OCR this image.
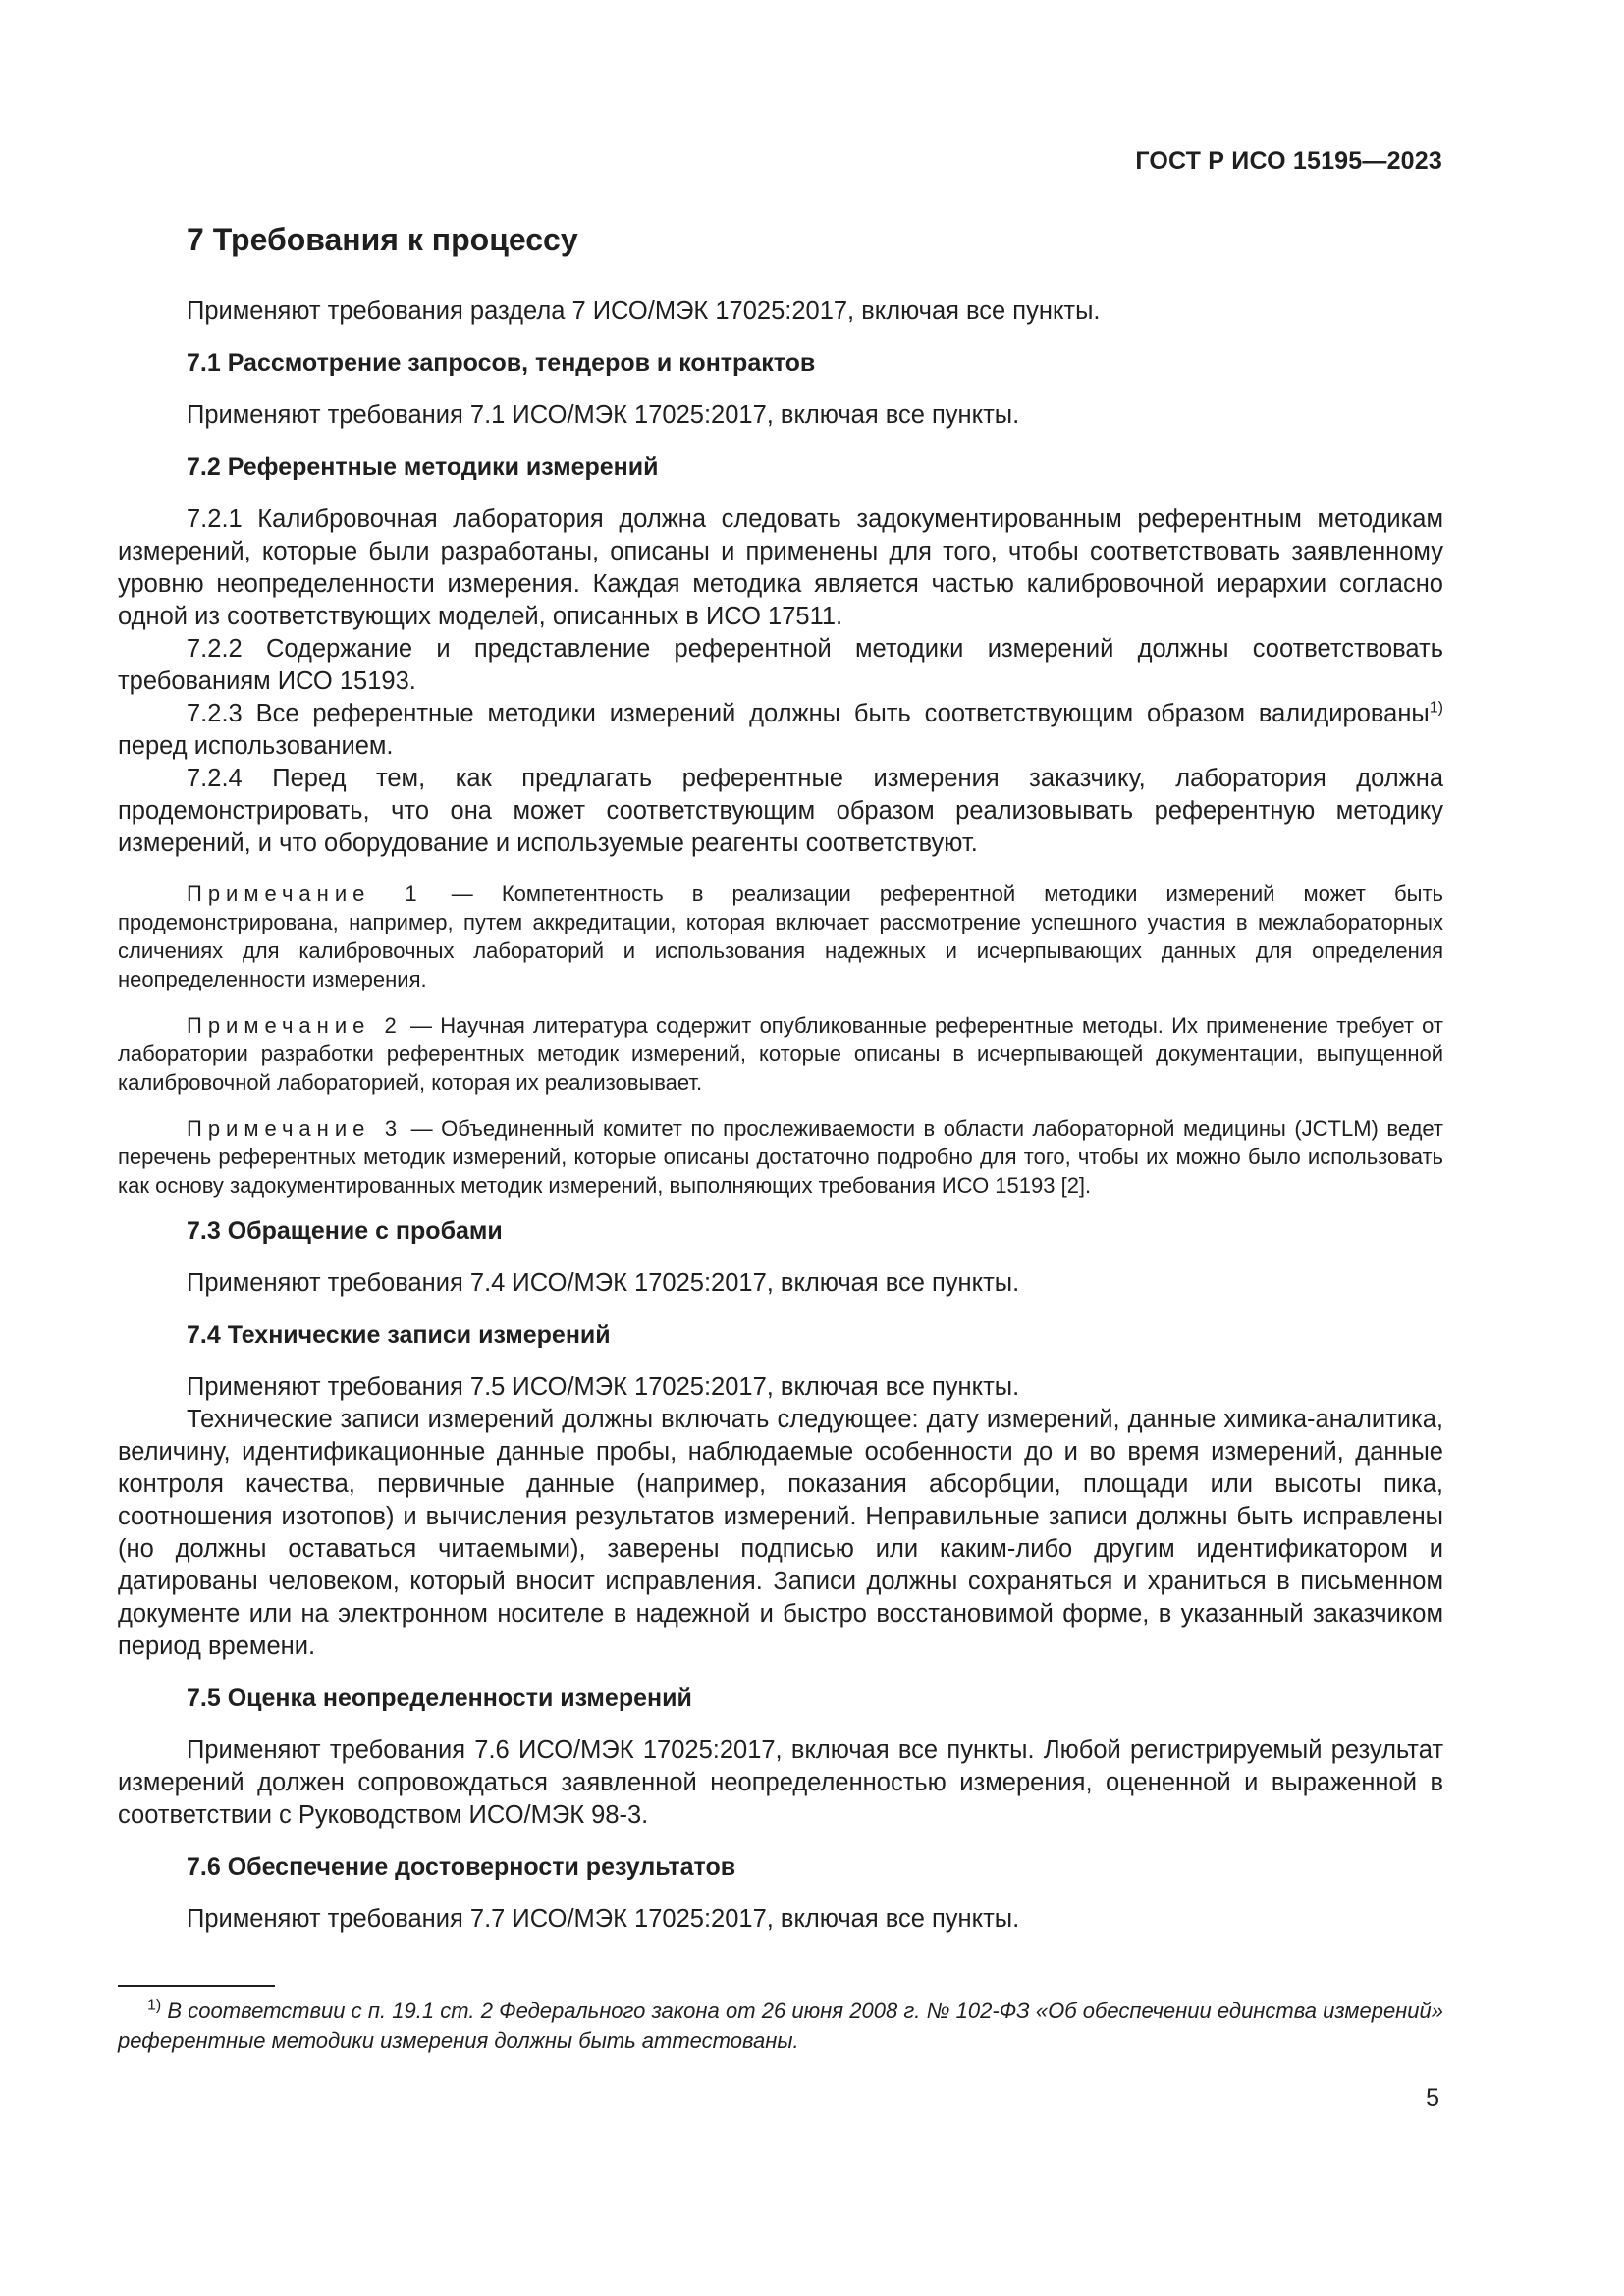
ГОСТ Р ИСО 15195—2023
7 Требования к процессу

Применяют требования раздела 7 ИСО/МЭК 17025:2017, включая все пункты.

7.1 Рассмотрение запросов, тендеров и контрактов

Применяют требования 7.1 ИСО/МЭК 17025:2017, включая все пункты.

7.2 Референтные методики измерений

7.2.1 Калибровочная лаборатория должна следовать задокументированным референтным методикам измерений, которые были разработаны, описаны и применены для того, чтобы соответствовать заявленному уровню неопределенности измерения. Каждая методика является частью калибровочной иерархии согласно одной из соответствующих моделей, описанных в ИСО 17511.

7.2.2 Содержание и представление референтной методики измерений должны соответствовать требованиям ИСО 15193.

7.2.3 Все референтные методики измерений должны быть соответствующим образом валидированы$^{1)}$ перед использованием.

7.2.4 Перед тем, как предлагать референтные измерения заказчику, лаборатория должна продемонстрировать, что она может соответствующим образом реализовывать референтную методику измерений, и что оборудование и используемые реагенты соответствуют.

Примечание 1 — Компетентность в реализации референтной методики измерений может быть продемонстрирована, например, путем аккредитации, которая включает рассмотрение успешного участия в межлабораторных сличениях для калибровочных лабораторий и использования надежных и исчерпывающих данных для определения неопределенности измерения.
Примечание 2 — Научная литература содержит опубликованные референтные методы. Их применение требует от лаборатории разработки референтных методик измерений, которые описаны в исчерпывающей документации, выпущенной калибровочной лабораторией, которая их реализовывает.
Примечание 3 — Объединенный комитет по прослеживаемости в области лабораторной медицины (JCTLM) ведет перечень референтных методик измерений, которые описаны достаточно подробно для того, чтобы их можно было использовать как основу задокументированных методик измерений, выполняющих требования ИСО 15193 [2].
7.3 Обращение с пробами

Применяют требования 7.4 ИСО/МЭК 17025:2017, включая все пункты.

7.4 Технические записи измерений

Применяют требования 7.5 ИСО/МЭК 17025:2017, включая все пункты.

Технические записи измерений должны включать следующее: дату измерений, данные химика-аналитика, величину, идентификационные данные пробы, наблюдаемые особенности до и во время измерений, данные контроля качества, первичные данные (например, показания абсорбции, площади или высоты пика, соотношения изотопов) и вычисления результатов измерений. Неправильные записи должны быть исправлены (но должны оставаться читаемыми), заверены подписью или каким-либо другим идентификатором и датированы человеком, который вносит исправления. Записи должны сохраняться и храниться в письменном документе или на электронном носителе в надежной и быстро восстановимой форме, в указанный заказчиком период времени.

7.5 Оценка неопределенности измерений

Применяют требования 7.6 ИСО/МЭК 17025:2017, включая все пункты. Любой регистрируемый результат измерений должен сопровождаться заявленной неопределенностью измерения, оцененной и выраженной в соответствии с Руководством ИСО/МЭК 98-3.

7.6 Обеспечение достоверности результатов

Применяют требования 7.7 ИСО/МЭК 17025:2017, включая все пункты.

$^{1)}$ В соответствии с п. 19.1 ст. 2 Федерального закона от 26 июня 2008 г. № 102-ФЗ «Об обеспечении единства измерений» референтные методики измерения должны быть аттестованы.
5
